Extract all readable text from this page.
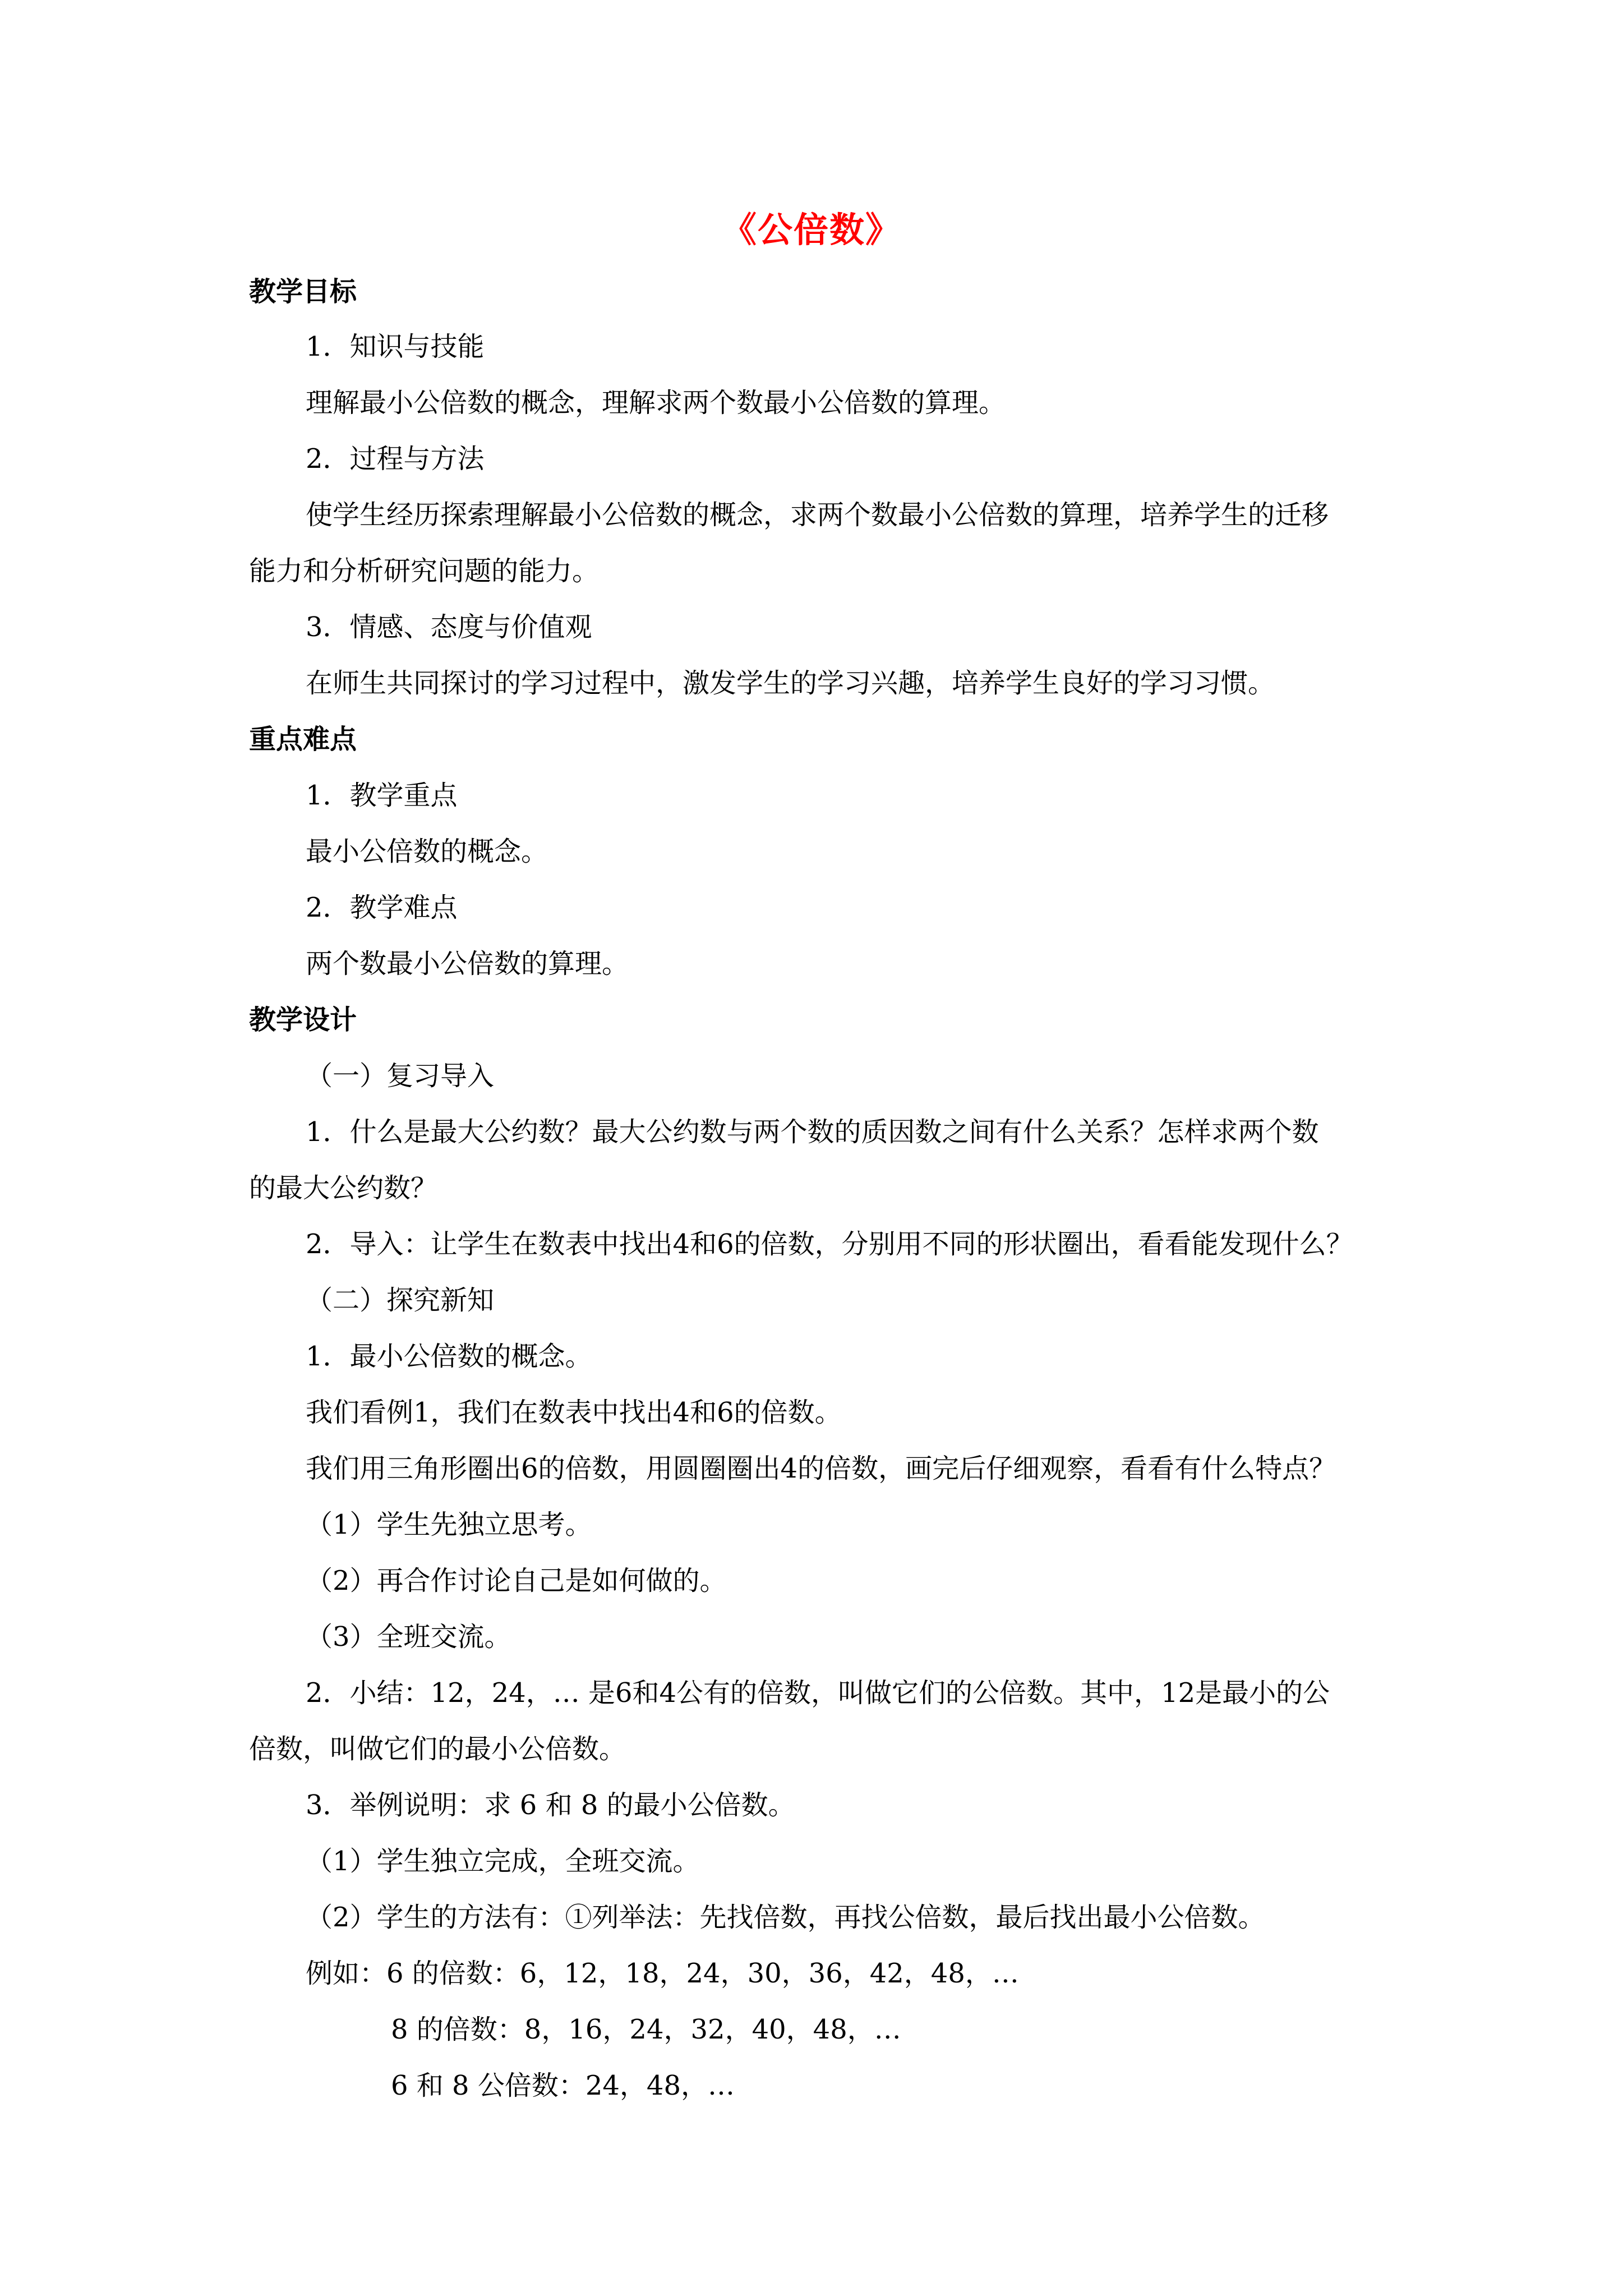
《公倍数》
教学目标
1．知识与技能
理解最小公倍数的概念，理解求两个数最小公倍数的算理。
2．过程与方法
使学生经历探索理解最小公倍数的概念，求两个数最小公倍数的算理，培养学生的迁移
能力和分析研究问题的能力。
3．情感、态度与价值观
在师生共同探讨的学习过程中，激发学生的学习兴趣，培养学生良好的学习习惯。
重点难点
1．教学重点
最小公倍数的概念。
2．教学难点
两个数最小公倍数的算理。
教学设计
（一）复习导入
1．什么是最大公约数？最大公约数与两个数的质因数之间有什么关系？怎样求两个数
的最大公约数？
2．导入：让学生在数表中找出4和6的倍数，分别用不同的形状圈出，看看能发现什么？
（二）探究新知
1．最小公倍数的概念。
我们看例1，我们在数表中找出4和6的倍数。
我们用三角形圈出6的倍数，用圆圈圈出4的倍数，画完后仔细观察，看看有什么特点？
（1）学生先独立思考。
（2）再合作讨论自己是如何做的。
（3）全班交流。
2．小结：12，24，… 是6和4公有的倍数，叫做它们的公倍数。其中，12是最小的公
倍数，叫做它们的最小公倍数。
3．举例说明：求 6 和 8 的最小公倍数。
（1）学生独立完成，全班交流。
（2）学生的方法有：①列举法：先找倍数，再找公倍数，最后找出最小公倍数。
例如：6 的倍数：6，12，18，24，30，36，42，48，…
8 的倍数：8，16，24，32，40，48，…
6 和 8 公倍数：24，48，…
